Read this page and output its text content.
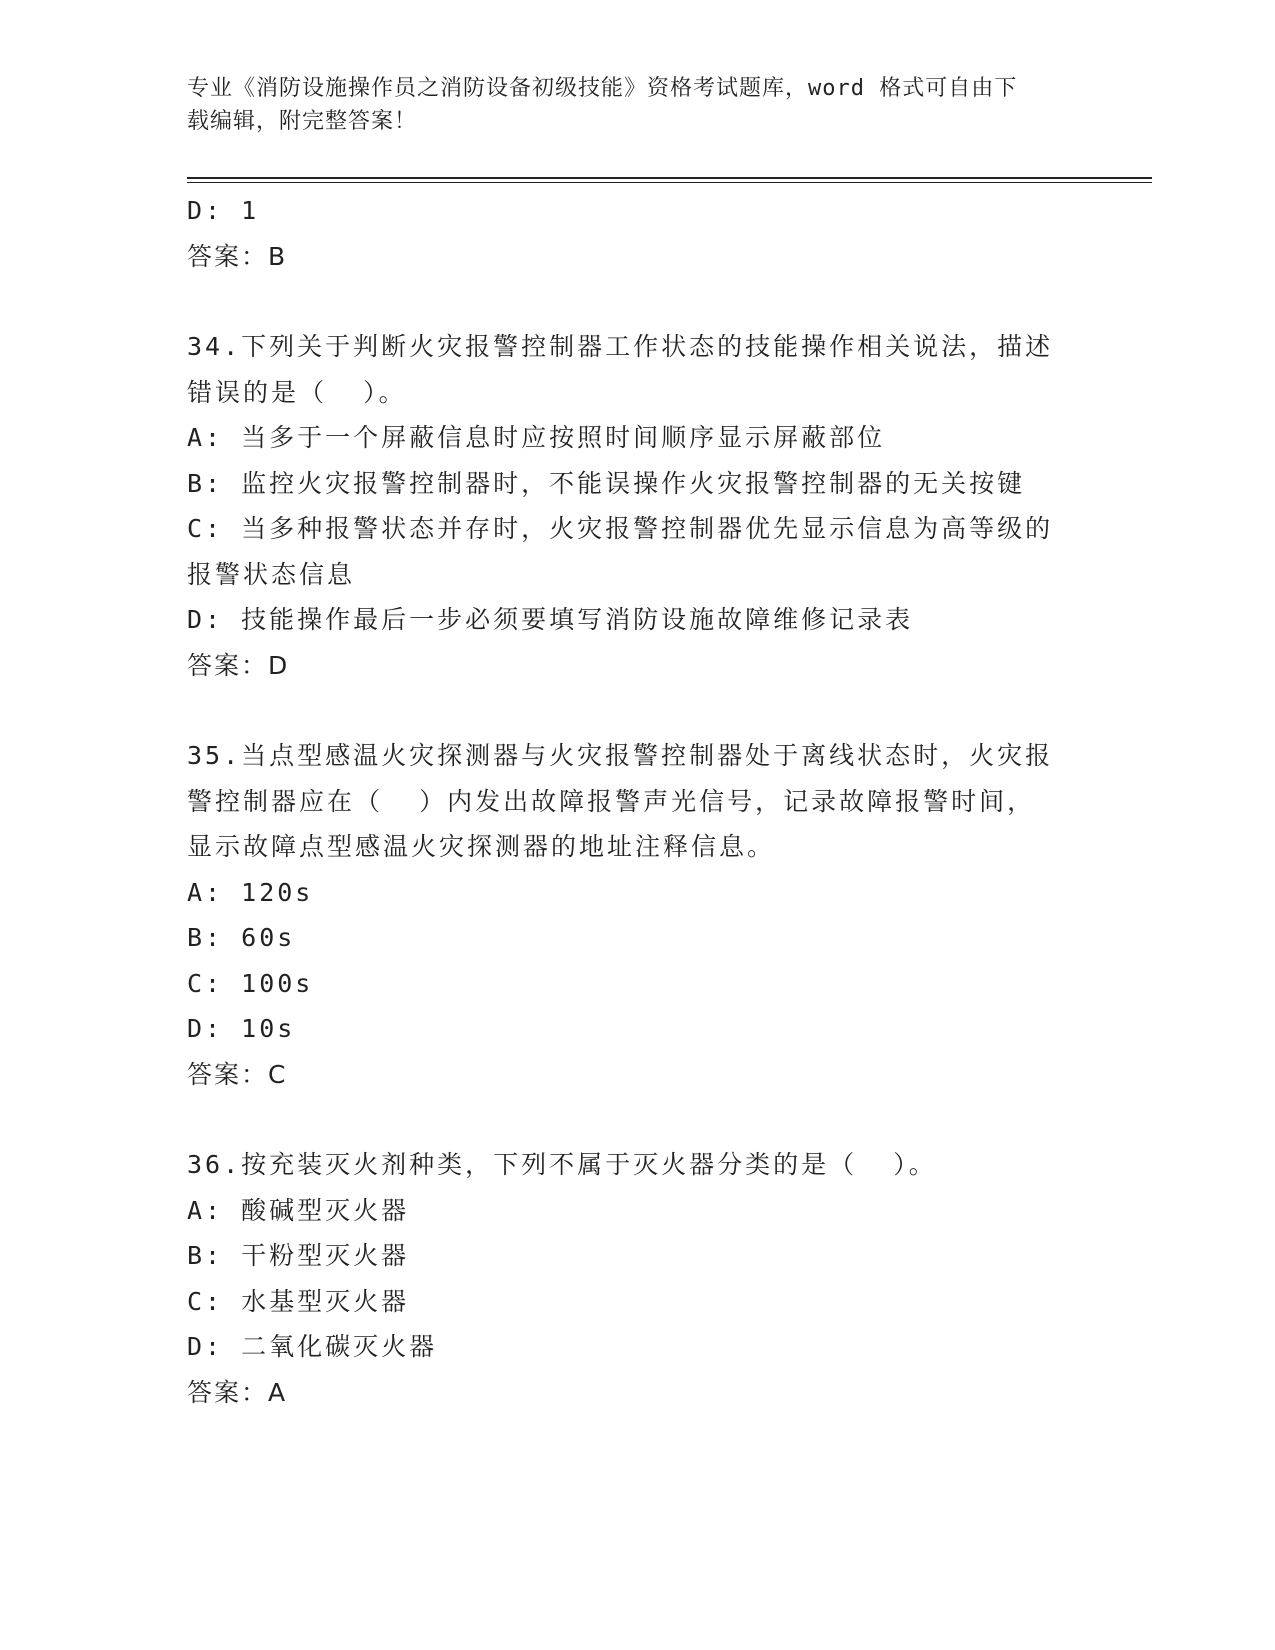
专业《消防设施操作员之消防设备初级技能》资格考试题库，word 格式可自由下
载编辑，附完整答案！
D: 1
答案：B
34.下列关于判断火灾报警控制器工作状态的技能操作相关说法，描述
错误的是（  ）。
A: 当多于一个屏蔽信息时应按照时间顺序显示屏蔽部位
B: 监控火灾报警控制器时，不能误操作火灾报警控制器的无关按键
C: 当多种报警状态并存时，火灾报警控制器优先显示信息为高等级的
报警状态信息
D: 技能操作最后一步必须要填写消防设施故障维修记录表
答案：D
35.当点型感温火灾探测器与火灾报警控制器处于离线状态时，火灾报
警控制器应在（  ）内发出故障报警声光信号，记录故障报警时间，
显示故障点型感温火灾探测器的地址注释信息。
A: 120s
B: 60s
C: 100s
D: 10s
答案：C
36.按充装灭火剂种类，下列不属于灭火器分类的是（  ）。
A: 酸碱型灭火器
B: 干粉型灭火器
C: 水基型灭火器
D: 二氧化碳灭火器
答案：A
